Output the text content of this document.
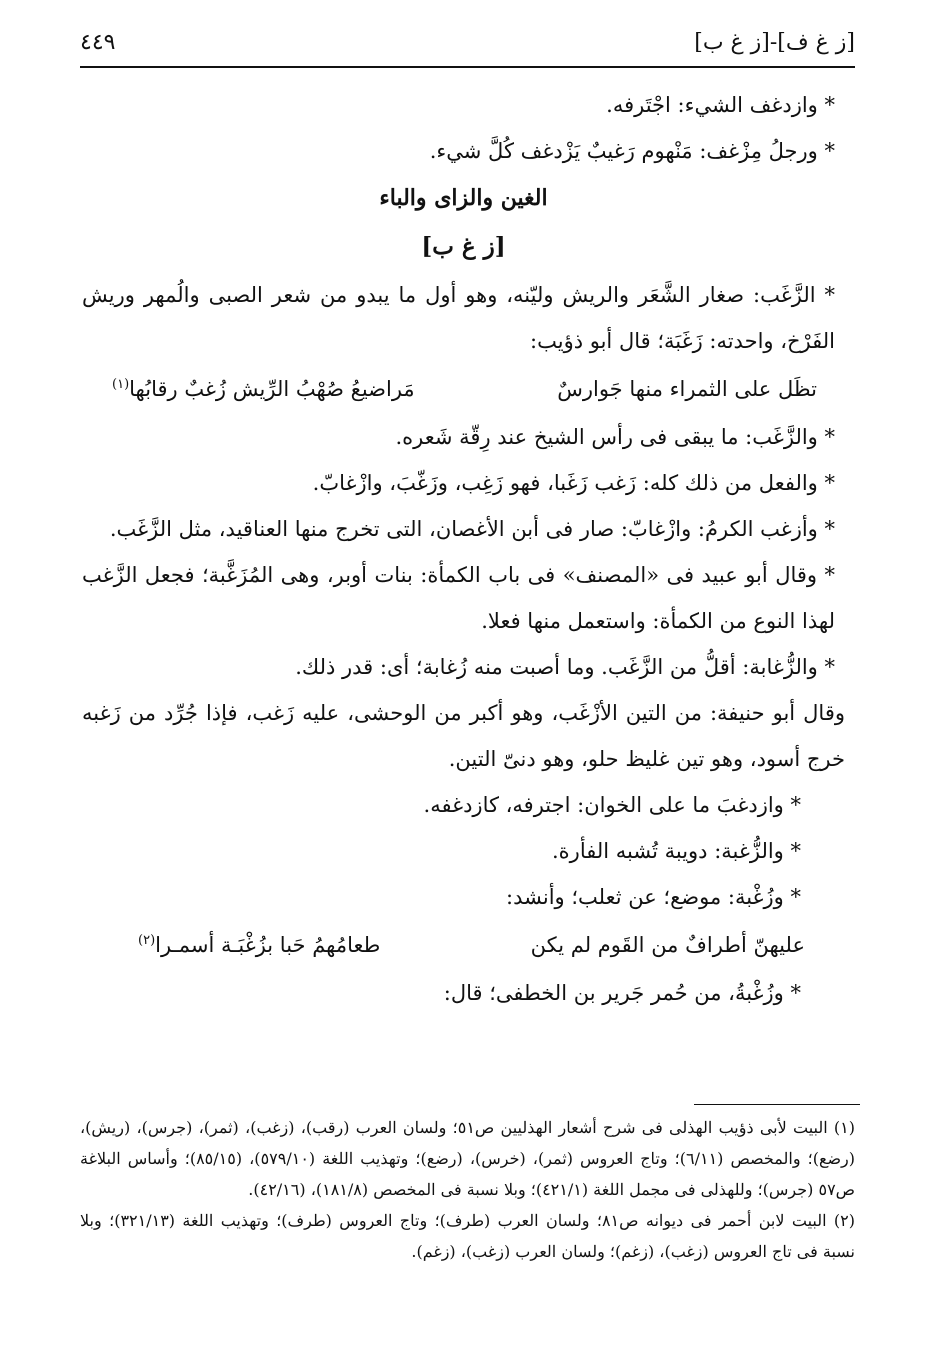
٤٤٩	[ز غ ف]-[ز غ ب]

* وازدغف الشيء: اجْتَرفه.

* ورجلُ مِزْغف: مَنْهوم رَغيبٌ يَزْدغف كُلَّ شيء.

الغين والزاى والباء

[ز غ ب]

* الزَّغَب: صغار الشَّعَر والريش وليّنه، وهو أول ما يبدو من شعر الصبى والُمهر وريش الفَرْخ، واحدته: زَغَبَة؛ قال أبو ذؤيب:

تظَل على الثمراء منها جَوارسٌ
مَراضيعُ صُهْبُ الرِّيش زُغبٌ رقابُها$^{(١)}$

* والزَّغَب: ما يبقى فى رأس الشيخ عند رِقّة شَعره.

* والفعل من ذلك كله: زَغب زَغَبا، فهو زَغِب، وزَغّبَ، وازْغابّ.

* وأزغب الكرمُ: وازْغابّ: صار فى أبن الأغصان، التى تخرج منها العناقيد، مثل الزَّغَب.

* وقال أبو عبيد فى «المصنف» فى باب الكمأة: بنات أوبر، وهى المُزَغَّبة؛ فجعل الزَّغب لهذا النوع من الكمأة: واستعمل منها فعلا.

* والزُّغابة: أقلُّ من الزَّغَب. وما أصبت منه زُغابة؛ أى: قدر ذلك.

وقال أبو حنيفة: من التين الأزْغَب، وهو أكبر من الوحشى، عليه زَغب، فإذا جُرِّد من زَغبه خرج أسود، وهو تين غليظ حلو، وهو دنىّ التين.

* وازدغبَ ما على الخوان: اجترفه، كازدغفه.

* والزُّغبة: دويبة تُشبه الفأرة.

* وزُغْبة: موضع؛ عن ثعلب؛ وأنشد:

عليهنّ أطرافٌ من القَوم لم يكن
طعامُهمُ حَبا بزُغْبَـة أسمـرا$^{(٢)}$

* وزُغْبةُ، من حُمر جَرير بن الخطفى؛ قال:

(١) البيت لأبى ذؤيب الهذلى فى شرح أشعار الهذليين ص٥١؛ ولسان العرب (رقب)، (زغب)، (ثمر)، (جرس)، (ريش)، (رضع)؛ والمخصص (٦/١١)؛ وتاج العروس (ثمر)، (خرس)، (رضع)؛ وتهذيب اللغة (٥٧٩/١٠)، (٨٥/١٥)؛ وأساس البلاغة ص٥٧ (جرس)؛ وللهذلى فى مجمل اللغة (٤٢١/١)؛ وبلا نسبة فى المخصص (١٨١/٨)، (٤٢/١٦).

(٢) البيت لابن أحمر فى ديوانه ص٨١؛ ولسان العرب (طرف)؛ وتاج العروس (طرف)؛ وتهذيب اللغة (٣٢١/١٣)؛ وبلا نسبة فى تاج العروس (زغب)، (زغم)؛ ولسان العرب (زغب)، (زغم).
